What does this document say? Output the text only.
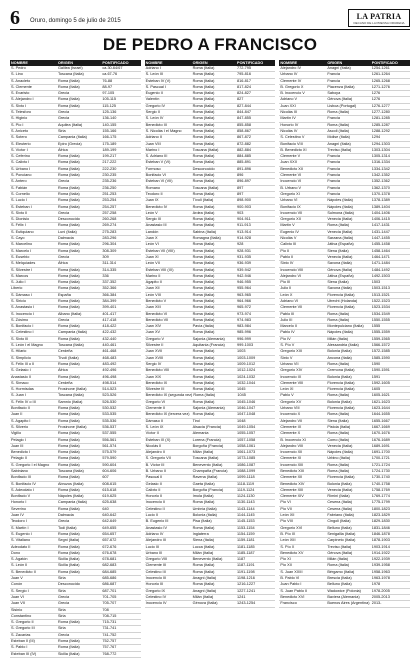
6	Oruro, domingo 5 de julio de 2015
LA PATRIA
DECANO DE LA PRENSA ORURENA
DE PEDRO A FRANCISCO
NOMBRE	ORIGEN	PONTIFICADO
S. Pedro	Galilea (Israel)	ca.30-64/67
S. Lino	Toscana (Italia)	ca.67-76
S. Anacleto	Roma (Italia)	76-88
S. Clemente	Roma (Italia)	88-97
S. Evaristo	Grecia	97-105
S. Alejandro I	Roma (Italia)	105-115
S. Sixto I	Roma (Italia)	115-125
S. Telesforo	Grecia	125-136
S. Higinio	Grecia	136-140
S. Pío I	Aquilea (Italia)	140-155
S. Aniceto	Siria	155-166
S. Sotero	Campania (Italia)	166-175
S. Eleuterio	Epiro (Grecia)	175-189
S. Víctor I	África	189-199
S. Ceferino	Roma (Italia)	199-217
S. Calixto I	Roma (Italia)	217-222
S. Urbano I	Roma (Italia)	222-230
S. Ponciano	Roma (Italia)	230-235
S. Antero	Grecia	235-236
S. Fabián	Roma (Italia)	236-250
S. Cornelio	Roma (Italia)	251-253
S. Lucio I	Roma (Italia)	253-254
S. Esteban I	Roma (Italia)	254-257
S. Sixto II	Grecia	257-258
S. Dionisio	Desconocido	260-268
S. Félix I	Roma (Italia)	269-274
S. Eutiquiano	Luni (Italia)	275-283
S. Cayo	Dalmacia	283-296
S. Marcelino	Roma (Italia)	296-304
S. Marcelo I	Roma (Italia)	308-309
S. Eusebio	Grecia	309
S. Melquíades	África	311-314
S. Silvestre I	Roma (Italia)	314-335
S. Marcos	Roma (Italia)	336
S. Julio I	Roma (Italia)	337-352
Liberio	Roma (Italia)	352-366
S. Dámaso I	España	366-384
S. Siricio	Roma (Italia)	384-399
S. Anastasio I	Roma (Italia)	399-401
S. Inocencio I	Albano (Italia)	401-417
S. Zósimo	Grecia	417-418
S. Bonifacio I	Roma (Italia)	418-422
S. Celestino I	Campania (Italia)	422-432
S. Sixto III	Roma (Italia)	432-440
S. León I el Magno	Toscana (Italia)	440-461
S. Hilario	Cerdeña	461-468
S. Simplicio	Tívoli (Italia)	468-483
S. Félix III o II	Roma (Italia)	483-492
S. Gelasio I	África	492-496
Anastasio II	Roma (Italia)	496-498
S. Símaco	Cerdeña	498-514
S. Hormisdas	Frosinone (Italia)	514-523
S. Juan I	Toscana (Italia)	523-526
S. Félix IV o III	Samnio (Italia)	526-530
Bonifacio II	Roma (Italia)	530-532
Juan II	Roma (Italia)	533-535
S. Agapito I	Roma (Italia)	535-536
S. Silverio	Frosinone (Italia)	536-537
Vigilio	Roma (Italia)	537-555
Pelagio I	Roma (Italia)	556-561
Juan III	Roma (Italia)	561-574
Benedicto I	Roma (Italia)	575-579
Pelagio II	Roma (Italia)	579-590
S. Gregorio I el Magno	Roma (Italia)	590-604
Sabiniano	Toscana (Italia)	604-606
Bonifacio III	Roma (Italia)	607
S. Bonifacio IV	Abruzos (Italia)	608-615
S. Adeodato I	Roma (Italia)	615-618
Bonifacio V	Nápoles (Italia)	619-625
Honorio I	Campania (Italia)	625-638
Severino	Roma (Italia)	640
Juan IV	Dalmacia	640-642
Teodoro I	Grecia	642-649
S. Martín I	Todi (Italia)	649-655
S. Eugenio I	Roma (Italia)	654-657
S. Vitaliano	Segni (Italia)	657-672
Adeodato II	Roma (Italia)	672-676
Dono	Roma (Italia)	676-678
S. Agatón	Sicilia (Italia)	678-681
S. León II	Sicilia (Italia)	682-683
S. Benedicto II	Roma (Italia)	684-685
Juan V	Siria	685-686
Conón	Desconocido	686-687
S. Sergio I	Siria	687-701
Juan VI	Grecia	701-705
Juan VII	Grecia	705-707
Sisinio	Siria	708
Constantino	Siria	708-715
S. Gregorio II	Roma (Italia)	715-731
S. Gregorio III	Siria	731-741
S. Zacarías	Grecia	741-752
Esteban II (III)	Roma (Italia)	752-757
S. Pablo I	Roma (Italia)	757-767
Esteban III (IV)	Sicilia (Italia)	768-772
NOMBRE	ORIGEN	PONTIFICADO
Adriano I	Roma (Italia)	772-795
S. León III	Roma (Italia)	795-816
Esteban IV (V)	Roma (Italia)	816-817
S. Pascual I	Roma (Italia)	817-824
Eugenio II	Roma (Italia)	824-827
Valentín	Roma (Italia)	827
Gregorio IV	Roma (Italia)	827-844
Sergio II	Roma (Italia)	844-847
S. León IV	Roma (Italia)	847-855
Benedicto III	Roma (Italia)	855-858
S. Nicolás I el Magno	Roma (Italia)	858-867
Adriano II	Roma (Italia)	867-872
Juan VIII	Roma (Italia)	872-882
Marino I	Toscana (Italia)	882-884
S. Adriano III	Roma (Italia)	884-885
Esteban V (VI)	Roma (Italia)	885-891
Formoso	Desconocido	891-896
Bonifacio VI	Roma (Italia)	896
Esteban VI (VII)	Roma (Italia)	896-897
Romano	Toscana (Italia)	897
Teodoro II	Roma (Italia)	897
Juan IX	Tívoli (Italia)	898-900
Benedicto IV	Roma (Italia)	900-903
León V	Ardea (Italia)	903
Sergio III	Roma (Italia)	904-911
Anastasio III	Roma (Italia)	911-913
Landón	Sabina (Italia)	913-914
Juan X	Romagna (Italia)	914-928
León VI	Roma (Italia)	928
Esteban VII (VIII)	Roma (Italia)	928-931
Juan XI	Roma (Italia)	931-935
León VII	Roma (Italia)	936-939
Esteban VIII (IX)	Roma (Italia)	939-942
Marino II	Roma (Italia)	942-946
Agapito II	Roma (Italia)	946-955
Juan XII	Roma (Italia)	955-964
León VIII	Roma (Italia)	963-965
Benedicto V	Roma (Italia)	964-966
Juan XIII	Roma (Italia)	965-972
Benedicto VI	Roma (Italia)	973-974
Benedicto VII	Roma (Italia)	974-983
Juan XIV	Pavía (Italia)	983-984
Juan XV	Roma (Italia)	985-996
Gregorio V	Sajonia (Alemania)	996-999
Silvestre II	Aquitania (Francia)	999-1003
Juan XVII	Roma (Italia)	1003
Juan XVIII	Roma (Italia)	1003-1009
Sergio IV	Roma (Italia)	1009-1012
Benedicto VIII	Roma (Italia)	1012-1024
Juan XIX	Roma (Italia)	1024-1032
Benedicto IX	Roma (Italia)	1032-1044
Silvestre III	Roma (Italia)	1045
Benedicto IX (segunda vez) Roma (Italia)	1045
Gregorio VI	Roma (Italia)	1045-1046
Clemente II	Sajonia (Alemania)	1046-1047
Benedicto IX (tercera vez) Roma (Italia)	1047-1048
Dámaso II	Tirol	1048
S. León IX	Alsacia (Francia)	1049-1054
Víctor II	Alemania	1055-1057
Esteban IX (X)	Lorena (Francia)	1057-1058
Nicolás II	Borgoña (Francia)	1058-1061
Alejandro II	Milán (Italia)	1061-1073
S. Gregorio VII	Toscana (Italia)	1073-1085
B. Víctor III	Benevento (Italia)	1086-1087
B. Urbano II	Champaña (Francia)	1088-1099
Pascual II	Ravena (Italia)	1099-1118
Gelasio II	Gaeta (Italia)	1118-1119
Calixto II	Borgoña (Francia)	1119-1124
Honorio II	Imola (Italia)	1124-1130
Inocencio II	Roma (Italia)	1130-1143
Celestino II	Umbría (Italia)	1143-1144
Lucio II	Bolonia (Italia)	1144-1145
B. Eugenio III	Pisa (Italia)	1145-1153
Anastasio IV	Roma (Italia)	1153-1154
Adriano IV	Inglaterra	1154-1159
Alejandro III	Siena (Italia)	1159-1181
Lucio III	Lucca (Italia)	1181-1185
Urbano III	Milán (Italia)	1185-1187
Gregorio VIII	Benevento (Italia)	1187
Clemente III	Roma (Italia)	1187-1191
Celestino III	Roma (Italia)	1191-1198
Inocencio III	Anagni (Italia)	1198-1216
Honorio III	Roma (Italia)	1216-1227
Gregorio IX	Anagni (Italia)	1227-1241
Celestino IV	Milán (Italia)	1241
Inocencio IV	Génova (Italia)	1243-1254
NOMBRE	ORIGEN	PONTIFICADO
Alejandro IV	Anagni (Italia)	1254-1261
Urbano IV	Francia	1261-1264
Clemente IV	Francia	1265-1268
B. Gregorio X	Piacenza (Italia)	1271-1276
B. Inocencio V	Saboya	1276
Adriano V	Génova (Italia)	1276
Juan XXI	Lisboa (Portugal)	1276-1277
Nicolás III	Roma (Italia)	1277-1280
Martín IV	Francia	1281-1285
Honorio IV	Roma (Italia)	1285-1287
Nicolás IV	Ascoli (Italia)	1288-1292
S. Celestino V	Molise (Italia)	1294
Bonifacio VIII	Anagni (Italia)	1294-1303
B. Benedicto XI	Treviso (Italia)	1303-1304
Clemente V	Francia	1305-1314
Juan XXII	Francia	1316-1334
Benedicto XII	Francia	1334-1342
Clemente VI	Francia	1342-1352
Inocencio VI	Francia	1352-1362
B. Urbano V	Francia	1362-1370
Gregorio XI	Francia	1370-1378
Urbano VI	Nápoles (Italia)	1378-1389
Bonifacio IX	Nápoles (Italia)	1389-1404
Inocencio VII	Sulmona (Italia)	1404-1406
Gregorio XII	Venecia (Italia)	1406-1415
Martín V	Roma (Italia)	1417-1431
Eugenio IV	Venecia (Italia)	1431-1447
Nicolás V	Sarzana (Italia)	1447-1455
Calixto III	Játiva (España)	1455-1458
Pío II	Siena (Italia)	1458-1464
Pablo II	Venecia (Italia)	1464-1471
Sixto IV	Savona (Italia)	1471-1484
Inocencio VIII	Génova (Italia)	1484-1492
Alejandro VI	Játiva (España)	1492-1503
Pío III	Siena (Italia)	1503
Julio II	Savona (Italia)	1503-1513
León X	Florencia (Italia)	1513-1521
Adriano VI	Utrecht (Holanda)	1522-1523
Clemente VII	Florencia (Italia)	1523-1534
Pablo III	Roma (Italia)	1534-1549
Julio III	Roma (Italia)	1550-1555
Marcelo II	Montepulciano (Italia)	1555
Pablo IV	Nápoles (Italia)	1555-1559
Pío IV	Milán (Italia)	1559-1565
S. Pío V	Alessandria (Italia)	1566-1572
Gregorio XIII	Bolonia (Italia)	1572-1585
Sixto V	Ancona (Italia)	1585-1590
Urbano VII	Roma (Italia)	1590
Gregorio XIV	Cremona (Italia)	1590-1591
Inocencio IX	Bolonia (Italia)	1591
Clemente VIII	Florencia (Italia)	1592-1605
León XI	Florencia (Italia)	1605
Pablo V	Roma (Italia)	1605-1621
Gregorio XV	Bolonia (Italia)	1621-1623
Urbano VIII	Florencia (Italia)	1623-1644
Inocencio X	Roma (Italia)	1644-1655
Alejandro VII	Siena (Italia)	1655-1667
Clemente IX	Pistoia (Italia)	1667-1669
Clemente X	Roma (Italia)	1670-1676
B. Inocencio XI	Como (Italia)	1676-1689
Alejandro VIII	Venecia (Italia)	1689-1691
Inocencio XII	Nápoles (Italia)	1691-1700
Clemente XI	Urbino (Italia)	1700-1721
Inocencio XIII	Roma (Italia)	1721-1724
Benedicto XIII	Roma (Italia)	1724-1730
Clemente XII	Florencia (Italia)	1730-1740
Benedicto XIV	Bolonia (Italia)	1740-1758
Clemente XIII	Venecia (Italia)	1758-1769
Clemente XIV	Rímini (Italia)	1769-1774
Pío VI	Cesena (Italia)	1775-1799
Pío VII	Cesena (Italia)	1800-1823
León XII	Fabriano (Italia)	1823-1829
Pío VIII	Cingoli (Italia)	1829-1830
Gregorio XVI	Belluno (Italia)	1831-1846
B. Pío IX	Senigallia (Italia)	1846-1878
León XIII	Carpineto (Italia)	1878-1903
S. Pío X	Treviso (Italia)	1903-1914
Benedicto XV	Génova (Italia)	1914-1922
Pío XI	Milán (Italia)	1922-1939
Pío XII	Roma (Italia)	1939-1958
S. Juan XXIII	Bérgamo (Italia)	1958-1963
B. Pablo VI	Brescia (Italia)	1963-1978
Juan Pablo I	Belluno (Italia)	1978
S. Juan Pablo II	Wadowice (Polonia)	1978-2005
Benedicto XVI	Baviera (Alemania)	2005-2013
Francisco	Buenos Aires (Argentina) 2013-
